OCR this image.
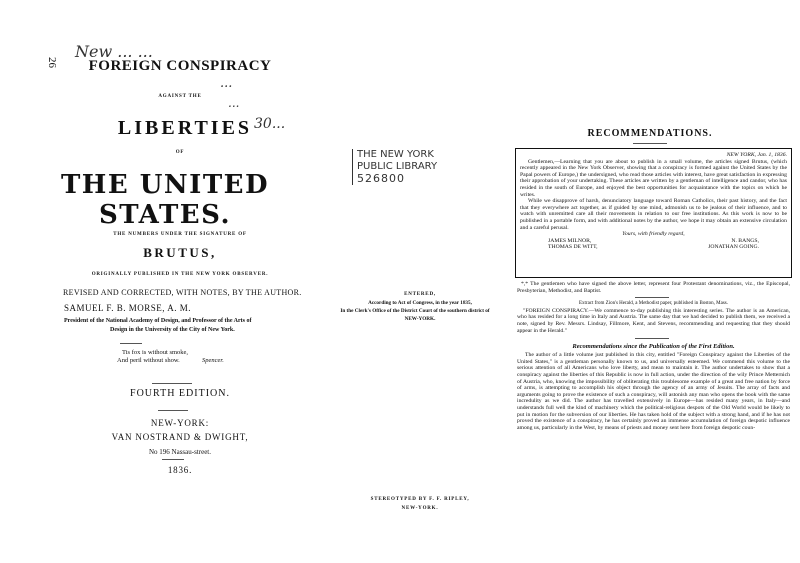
26
New ... ...
FOREIGN CONSPIRACY
AGAINST THE
...
...
LIBERTIES 30...
OF
THE UNITED STATES.
THE NUMBERS UNDER THE SIGNATURE OF
BRUTUS,
ORIGINALLY PUBLISHED IN THE NEW YORK OBSERVER.
REVISED AND CORRECTED, WITH NOTES, BY THE AUTHOR.
SAMUEL F. B. MORSE, A. M.
President of the National Academy of Design, and Professor of the Arts of
Design in the University of the City of New York.
Tis fox is without smoke,
And peril without show.	Spencer.
FOURTH EDITION.
NEW-YORK:
VAN NOSTRAND & DWIGHT,
No 196 Nassau-street.
1836.
THE NEW YORK
PUBLIC LIBRARY
526800
ENTERED,
According to Act of Congress, in the year 1835,
In the Clerk's Office of the District Court of the southern district of
NEW-YORK.
STEREOTYPED BY F. F. RIPLEY,
NEW-YORK.
RECOMMENDATIONS.
NEW YORK, Jan. 1, 1836.

Gentlemen,—Learning that you are about to publish in a small volume, the articles signed Brutus, (which recently appeared in the New York Observer, showing that a conspiracy is formed against the United States by the Papal powers of Europe,) the undersigned, who read those articles with interest, have great satisfaction in expressing their approbation of your undertaking. These articles are written by a gentleman of intelligence and candor, who has resided in the south of Europe, and enjoyed the best opportunities for acquaintance with the topics on which he writes.

While we disapprove of harsh, denunciatory language toward Roman Catholics, their past history, and the fact that they everywhere act together, as if guided by one mind, admonish us to be jealous of their influence, and to watch with unremitted care all their movements in relation to our free institutions. As this work is now to be published in a portable form, and with additional notes by the author, we hope it may obtain an extensive circulation and a careful perusal.

Yours, with friendly regard,
JAMES MILNOR,	N. BANGS,
THOMAS DE WITT,	JONATHAN GOING.

*,* The gentlemen who have signed the above letter, represent four Protestant denominations, viz., the Episcopal, Presbyterian, Methodist, and Baptist.

Extract from Zion's Herald, a Methodist paper, published in Boston, Mass.

"FOREIGN CONSPIRACY.—We commence to-day publishing this interesting series. The author is an American, who has resided for a long time in Italy and Austria. The same day that we had decided to publish them, we received a note, signed by Rev. Messrs. Lindsay, Fillmore, Kent, and Stevens, recommending and requesting that they should appear in the Herald."

Recommendations since the Publication of the First Edition.

The author of a little volume just published in this city, entitled "Foreign Conspiracy against the Liberties of the United States," is a gentleman personally known to us, and universally esteemed. We commend this volume to the serious attention of all Americans who love liberty, and mean to maintain it. The author undertakes to show that a conspiracy against the liberties of this Republic is now in full action, under the direction of the wily Prince Metternich of Austria, who, knowing the impossibility of obliterating this troublesome example of a great and free nation by force of arms, is attempting to accomplish his object through the agency of an army of Jesuits. The array of facts and arguments going to prove the existence of such a conspiracy, will astonish any man who opens the book with the same incredulity as we did. The author has travelled extensively in Europe—has resided many years, in Italy—and understands full well the kind of machinery which the political-religious despots of the Old World would be likely to put in motion for the subversion of our liberties. He has taken hold of the subject with a strong hand, and if he has not proved the existence of a conspiracy, he has certainly proved an immense accumulation of foreign despotic influence among us, particularly in the West, by means of priests and money sent here from foreign despotic coun-
